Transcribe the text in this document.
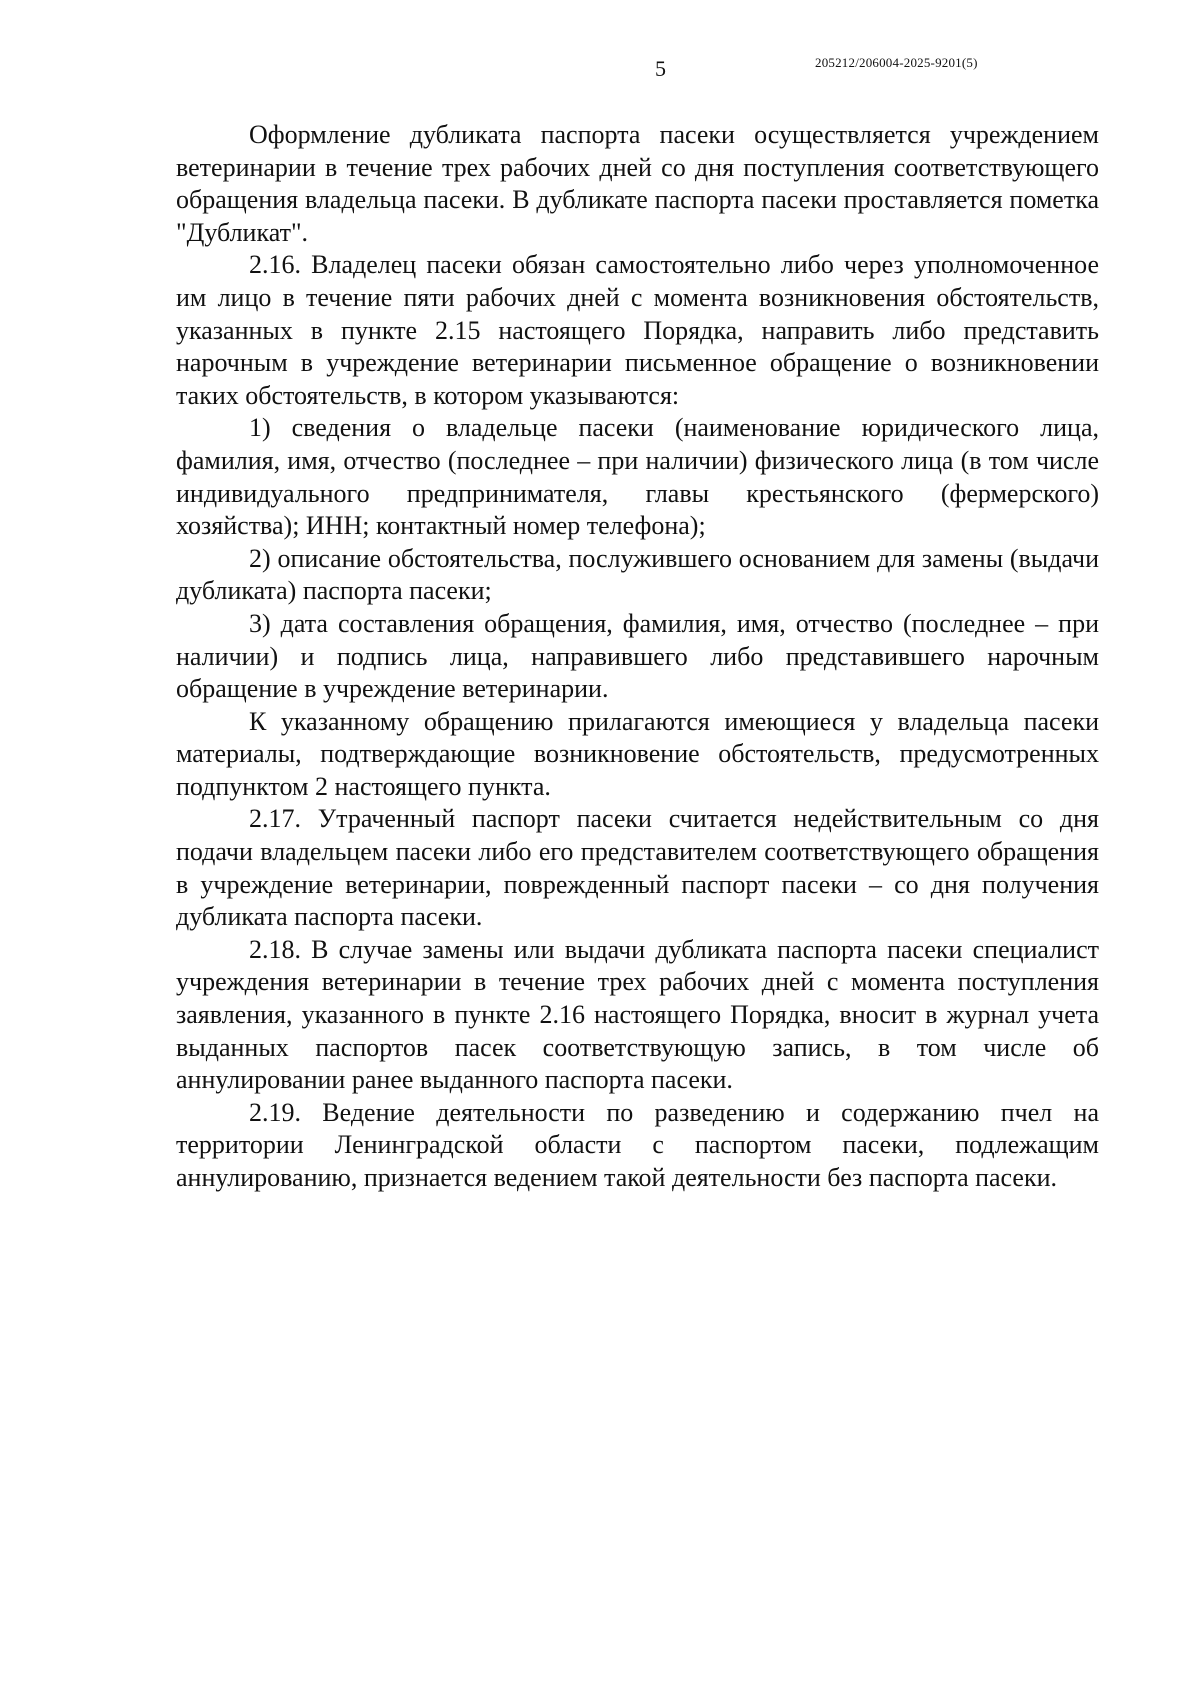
5	205212/206004-2025-9201(5)

Оформление дубликата паспорта пасеки осуществляется учреждением ветеринарии в течение трех рабочих дней со дня поступления соответствующего обращения владельца пасеки. В дубликате паспорта пасеки проставляется пометка "Дубликат".

2.16. Владелец пасеки обязан самостоятельно либо через уполномоченное им лицо в течение пяти рабочих дней с момента возникновения обстоятельств, указанных в пункте 2.15 настоящего Порядка, направить либо представить нарочным в учреждение ветеринарии письменное обращение о возникновении таких обстоятельств, в котором указываются:

1) сведения о владельце пасеки (наименование юридического лица, фамилия, имя, отчество (последнее – при наличии) физического лица (в том числе индивидуального предпринимателя, главы крестьянского (фермерского) хозяйства); ИНН; контактный номер телефона);

2) описание обстоятельства, послужившего основанием для замены (выдачи дубликата) паспорта пасеки;

3) дата составления обращения, фамилия, имя, отчество (последнее – при наличии) и подпись лица, направившего либо представившего нарочным обращение в учреждение ветеринарии.

К указанному обращению прилагаются имеющиеся у владельца пасеки материалы, подтверждающие возникновение обстоятельств, предусмотренных подпунктом 2 настоящего пункта.

2.17. Утраченный паспорт пасеки считается недействительным со дня подачи владельцем пасеки либо его представителем соответствующего обращения в учреждение ветеринарии, поврежденный паспорт пасеки – со дня получения дубликата паспорта пасеки.

2.18. В случае замены или выдачи дубликата паспорта пасеки специалист учреждения ветеринарии в течение трех рабочих дней с момента поступления заявления, указанного в пункте 2.16 настоящего Порядка, вносит в журнал учета выданных паспортов пасек соответствующую запись, в том числе об аннулировании ранее выданного паспорта пасеки.

2.19. Ведение деятельности по разведению и содержанию пчел на территории Ленинградской области с паспортом пасеки, подлежащим аннулированию, признается ведением такой деятельности без паспорта пасеки.
